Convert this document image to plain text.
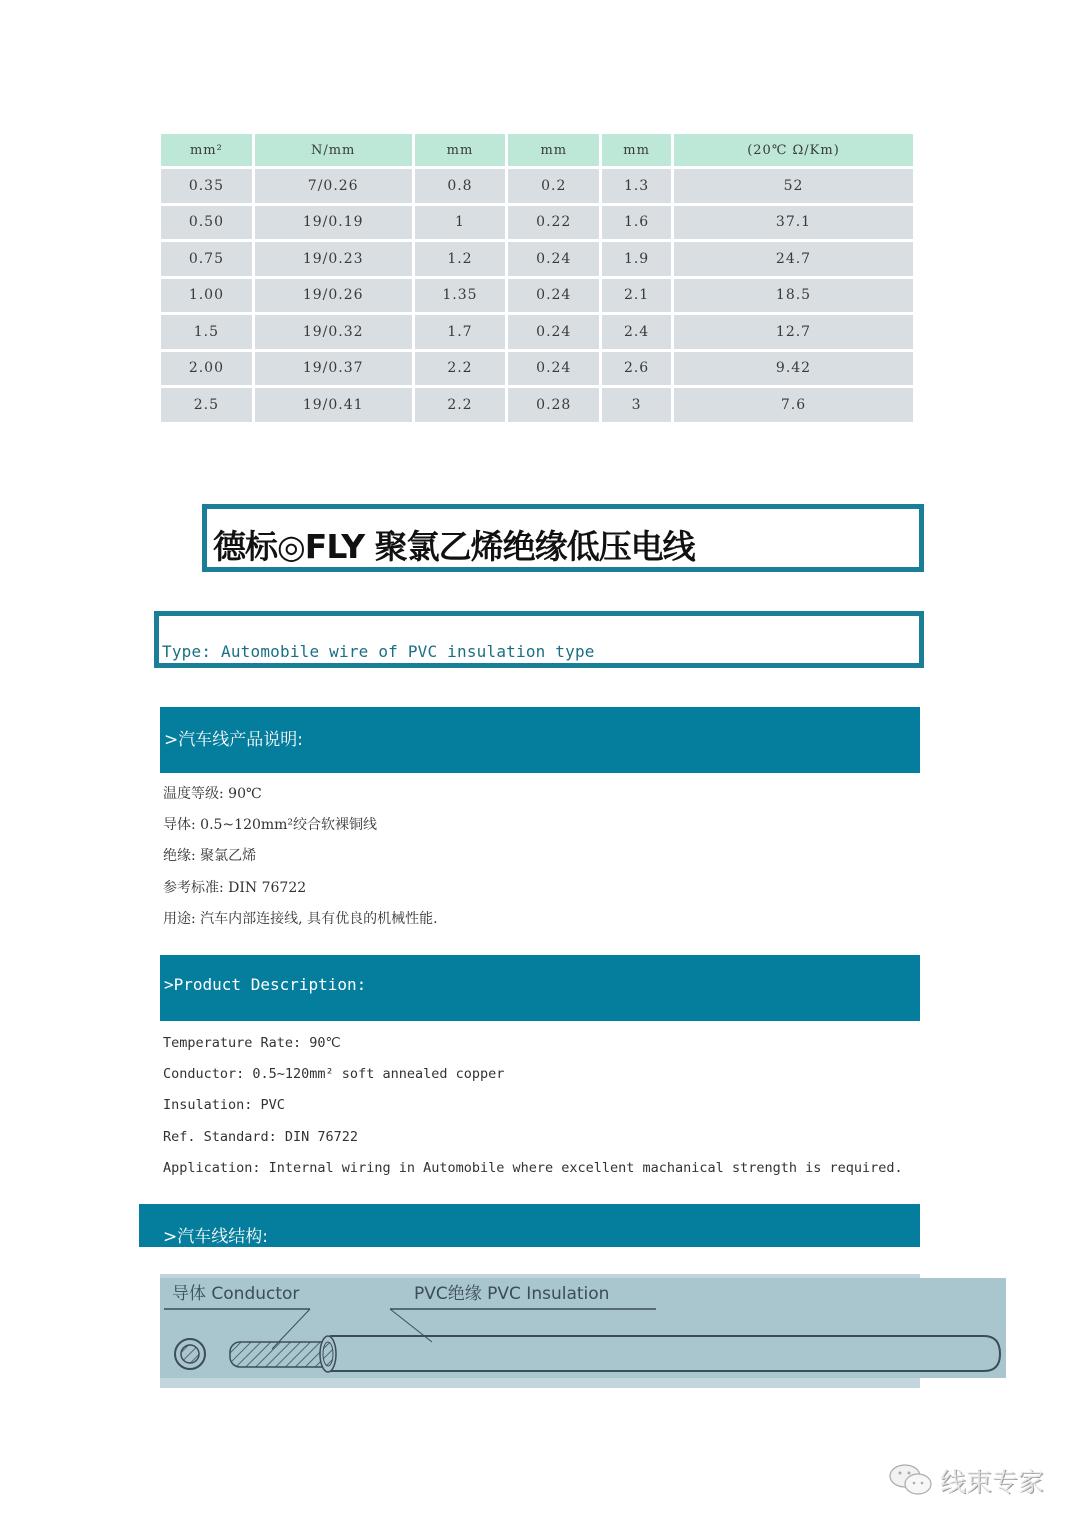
mm²	N/mm	mm	mm	mm	(20℃ Ω/Km)
0.35	7/0.26	0.8	0.2	1.3	52
0.50	19/0.19	1	0.22	1.6	37.1
0.75	19/0.23	1.2	0.24	1.9	24.7
1.00	19/0.26	1.35	0.24	2.1	18.5
1.5	19/0.32	1.7	0.24	2.4	12.7
2.00	19/0.37	2.2	0.24	2.6	9.42
2.5	19/0.41	2.2	0.28	3	7.6
德标◎FLY 聚氯乙烯绝缘低压电线
Type: Automobile wire of PVC insulation type
>汽车线产品说明:
温度等级: 90℃
导体: 0.5~120mm²绞合软裸铜线
绝缘: 聚氯乙烯
参考标准: DIN 76722
用途: 汽车内部连接线, 具有优良的机械性能.
>Product Description:
Temperature Rate: 90℃
Conductor: 0.5~120mm² soft annealed copper
Insulation: PVC
Ref. Standard: DIN 76722
Application: Internal wiring in Automobile where excellent machanical strength is required.
>汽车线结构:
导体 Conductor	PVC绝缘 PVC Insulation
线束专家
